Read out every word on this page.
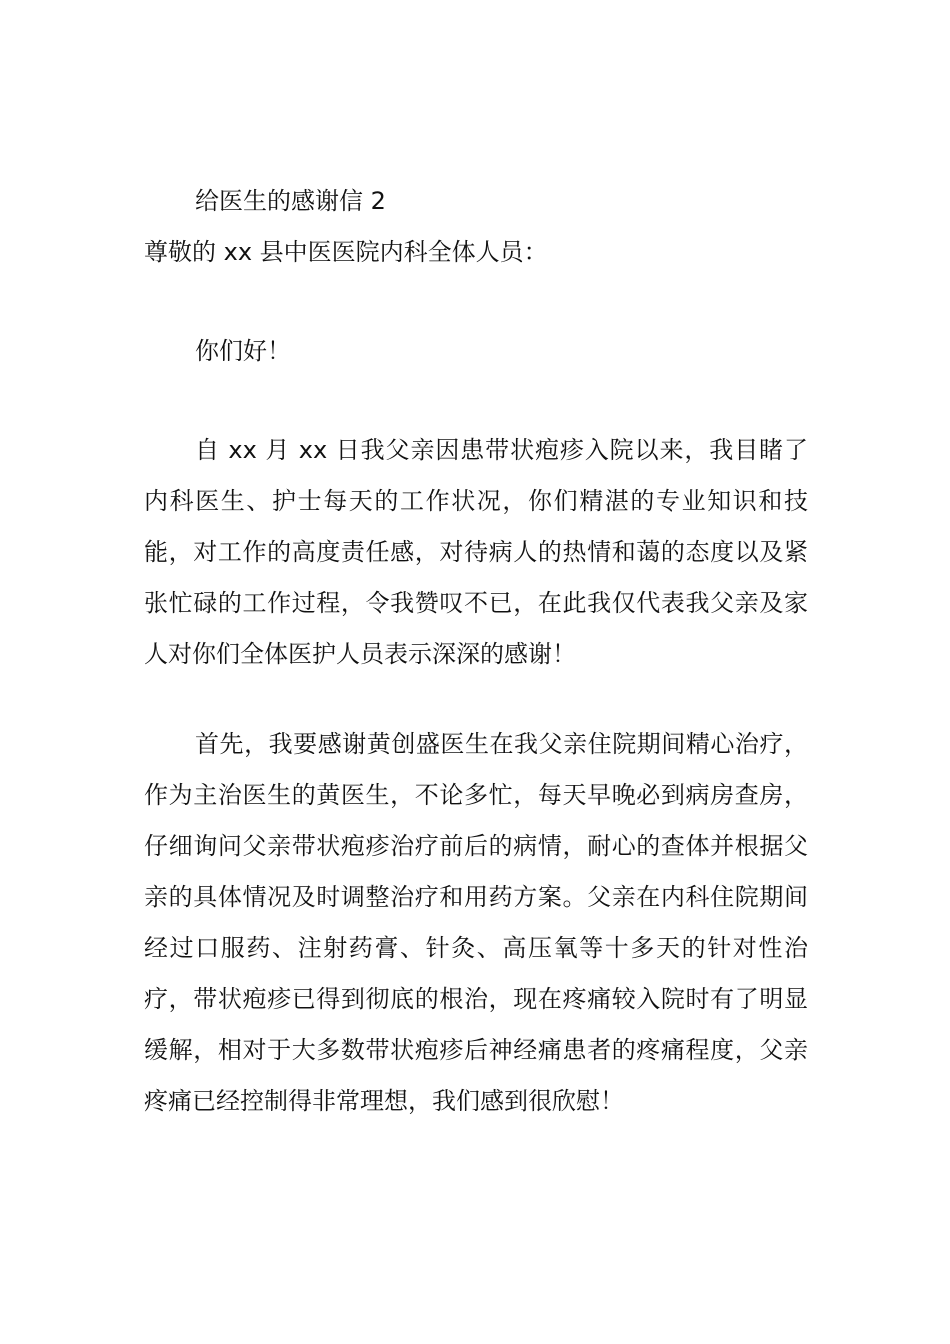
给医生的感谢信 2
尊敬的 xx 县中医医院内科全体人员：
你们好！
自 xx 月 xx 日我父亲因患带状疱疹入院以来，我目睹了内科医生、护士每天的工作状况，你们精湛的专业知识和技能，对工作的高度责任感，对待病人的热情和蔼的态度以及紧张忙碌的工作过程，令我赞叹不已，在此我仅代表我父亲及家人对你们全体医护人员表示深深的感谢！
首先，我要感谢黄创盛医生在我父亲住院期间精心治疗，作为主治医生的黄医生，不论多忙，每天早晚必到病房查房，仔细询问父亲带状疱疹治疗前后的病情，耐心的查体并根据父亲的具体情况及时调整治疗和用药方案。父亲在内科住院期间经过口服药、注射药膏、针灸、高压氧等十多天的针对性治疗，带状疱疹已得到彻底的根治，现在疼痛较入院时有了明显缓解，相对于大多数带状疱疹后神经痛患者的疼痛程度，父亲疼痛已经控制得非常理想，我们感到很欣慰！
